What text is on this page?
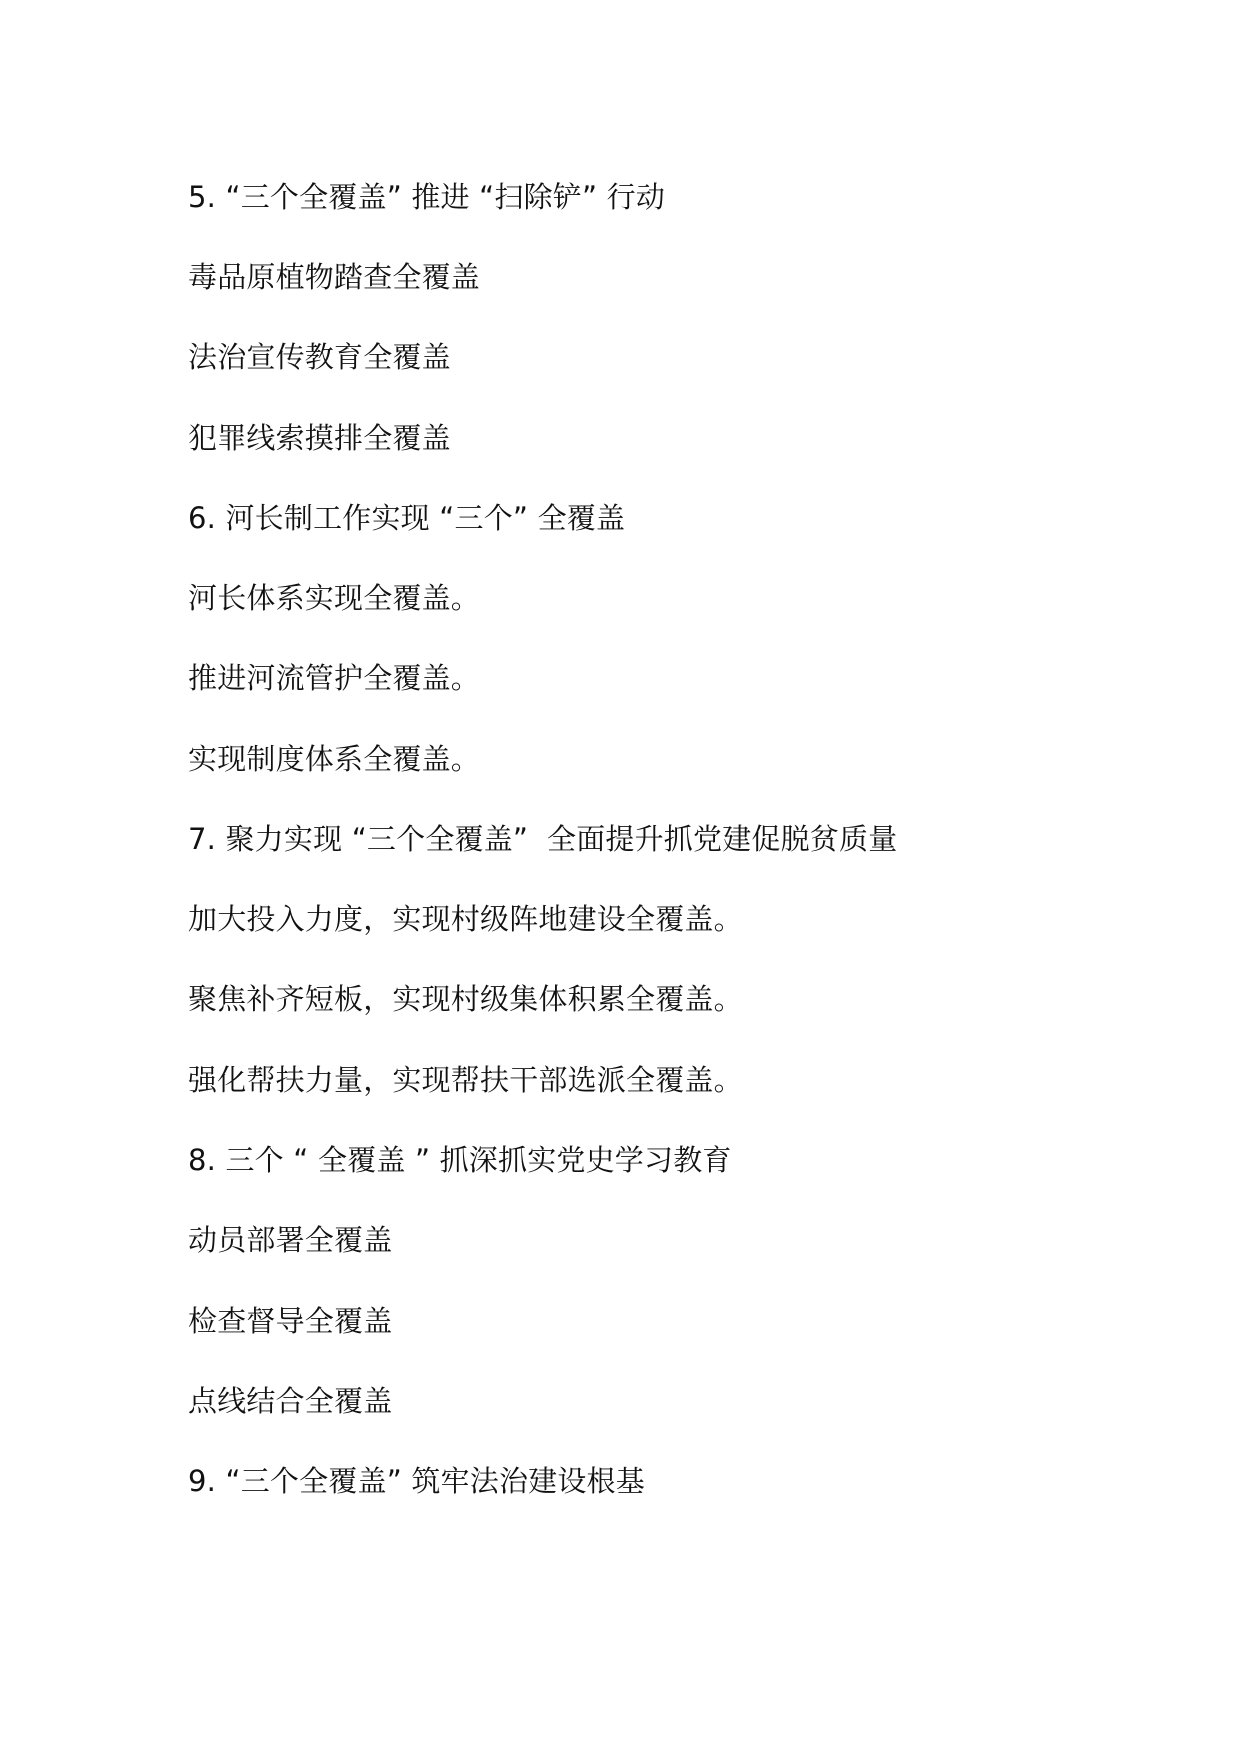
5. “三个全覆盖” 推进 “扫除铲” 行动
毒品原植物踏查全覆盖
法治宣传教育全覆盖
犯罪线索摸排全覆盖
6. 河长制工作实现 “三个” 全覆盖
河长体系实现全覆盖。
推进河流管护全覆盖。
实现制度体系全覆盖。
7. 聚力实现 “三个全覆盖”  全面提升抓党建促脱贫质量
加大投入力度，实现村级阵地建设全覆盖。
聚焦补齐短板，实现村级集体积累全覆盖。
强化帮扶力量，实现帮扶干部选派全覆盖。
8. 三个 “ 全覆盖 ” 抓深抓实党史学习教育
动员部署全覆盖
检查督导全覆盖
点线结合全覆盖
9. “三个全覆盖” 筑牢法治建设根基
